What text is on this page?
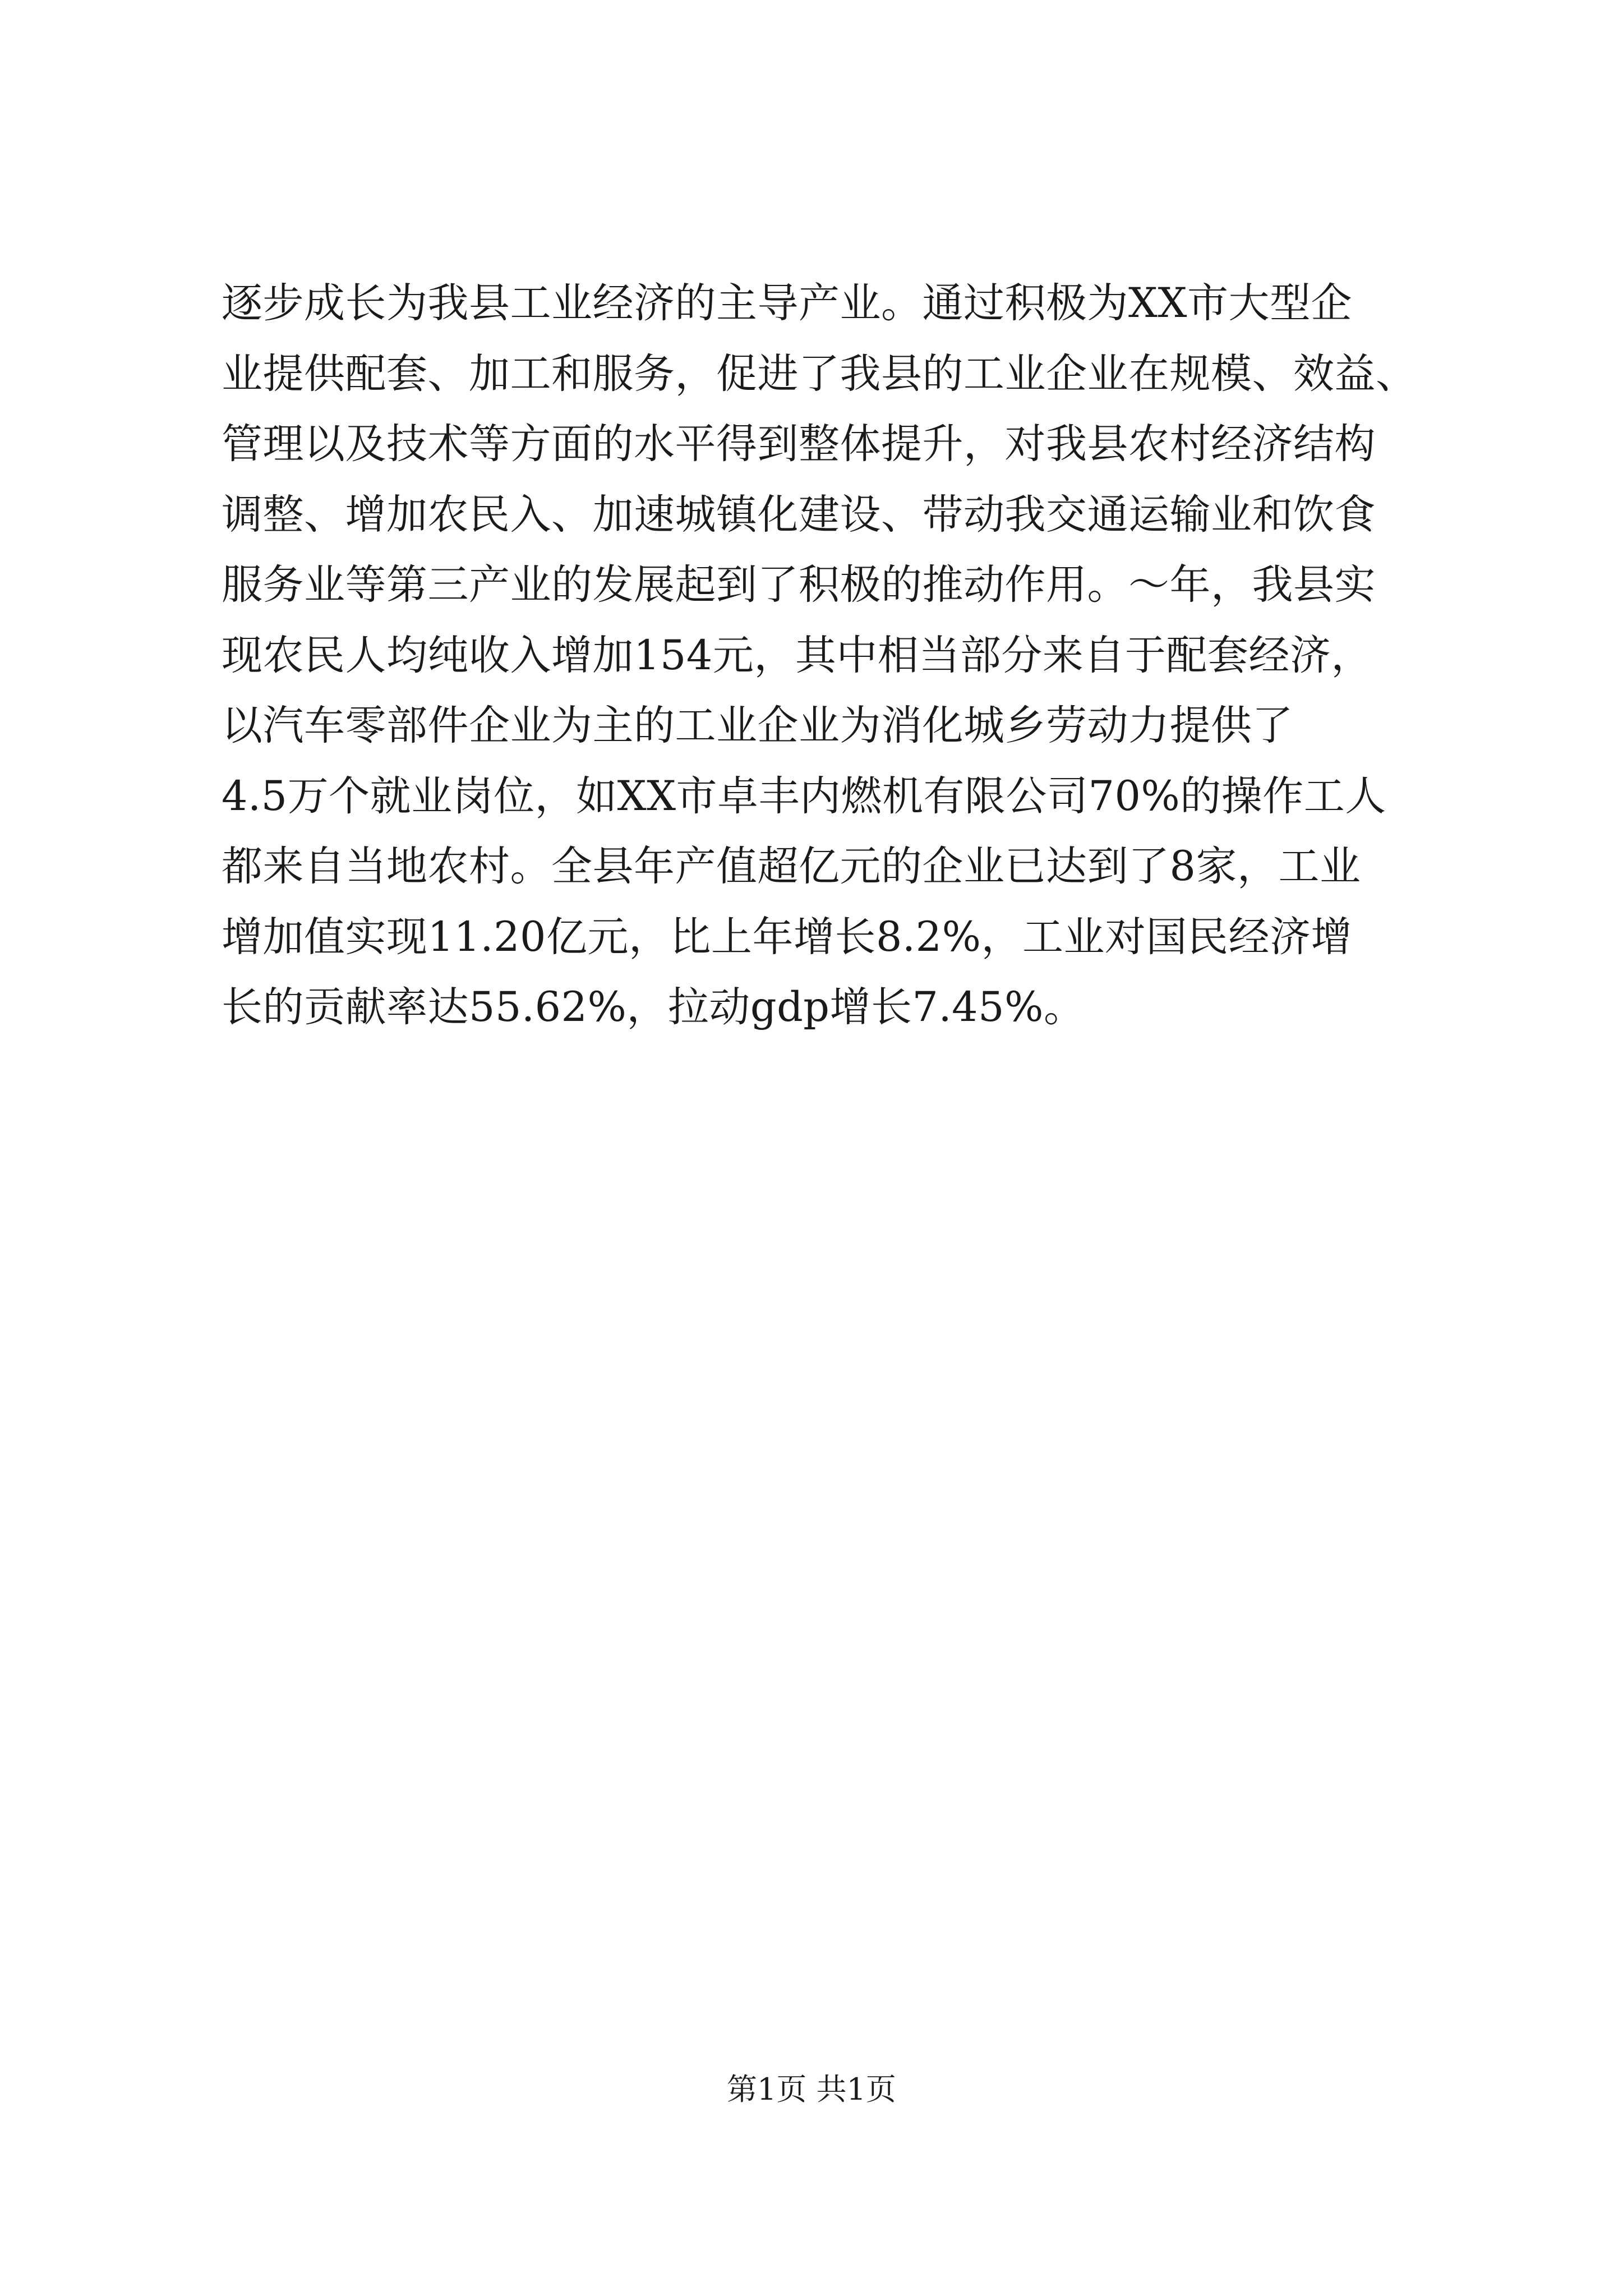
逐步成长为我县工业经济的主导产业。通过积极为XX市大型企
业提供配套、加工和服务，促进了我县的工业企业在规模、效益、
管理以及技术等方面的水平得到整体提升，对我县农村经济结构
调整、增加农民入、加速城镇化建设、带动我交通运输业和饮食
服务业等第三产业的发展起到了积极的推动作用。～年，我县实
现农民人均纯收入增加154元，其中相当部分来自于配套经济，
以汽车零部件企业为主的工业企业为消化城乡劳动力提供了
4.5万个就业岗位，如XX市卓丰内燃机有限公司70%的操作工人
都来自当地农村。全县年产值超亿元的企业已达到了8家，工业
增加值实现11.20亿元，比上年增长8.2%，工业对国民经济增
长的贡献率达55.62%，拉动gdp增长7.45%。
第1页 共1页
